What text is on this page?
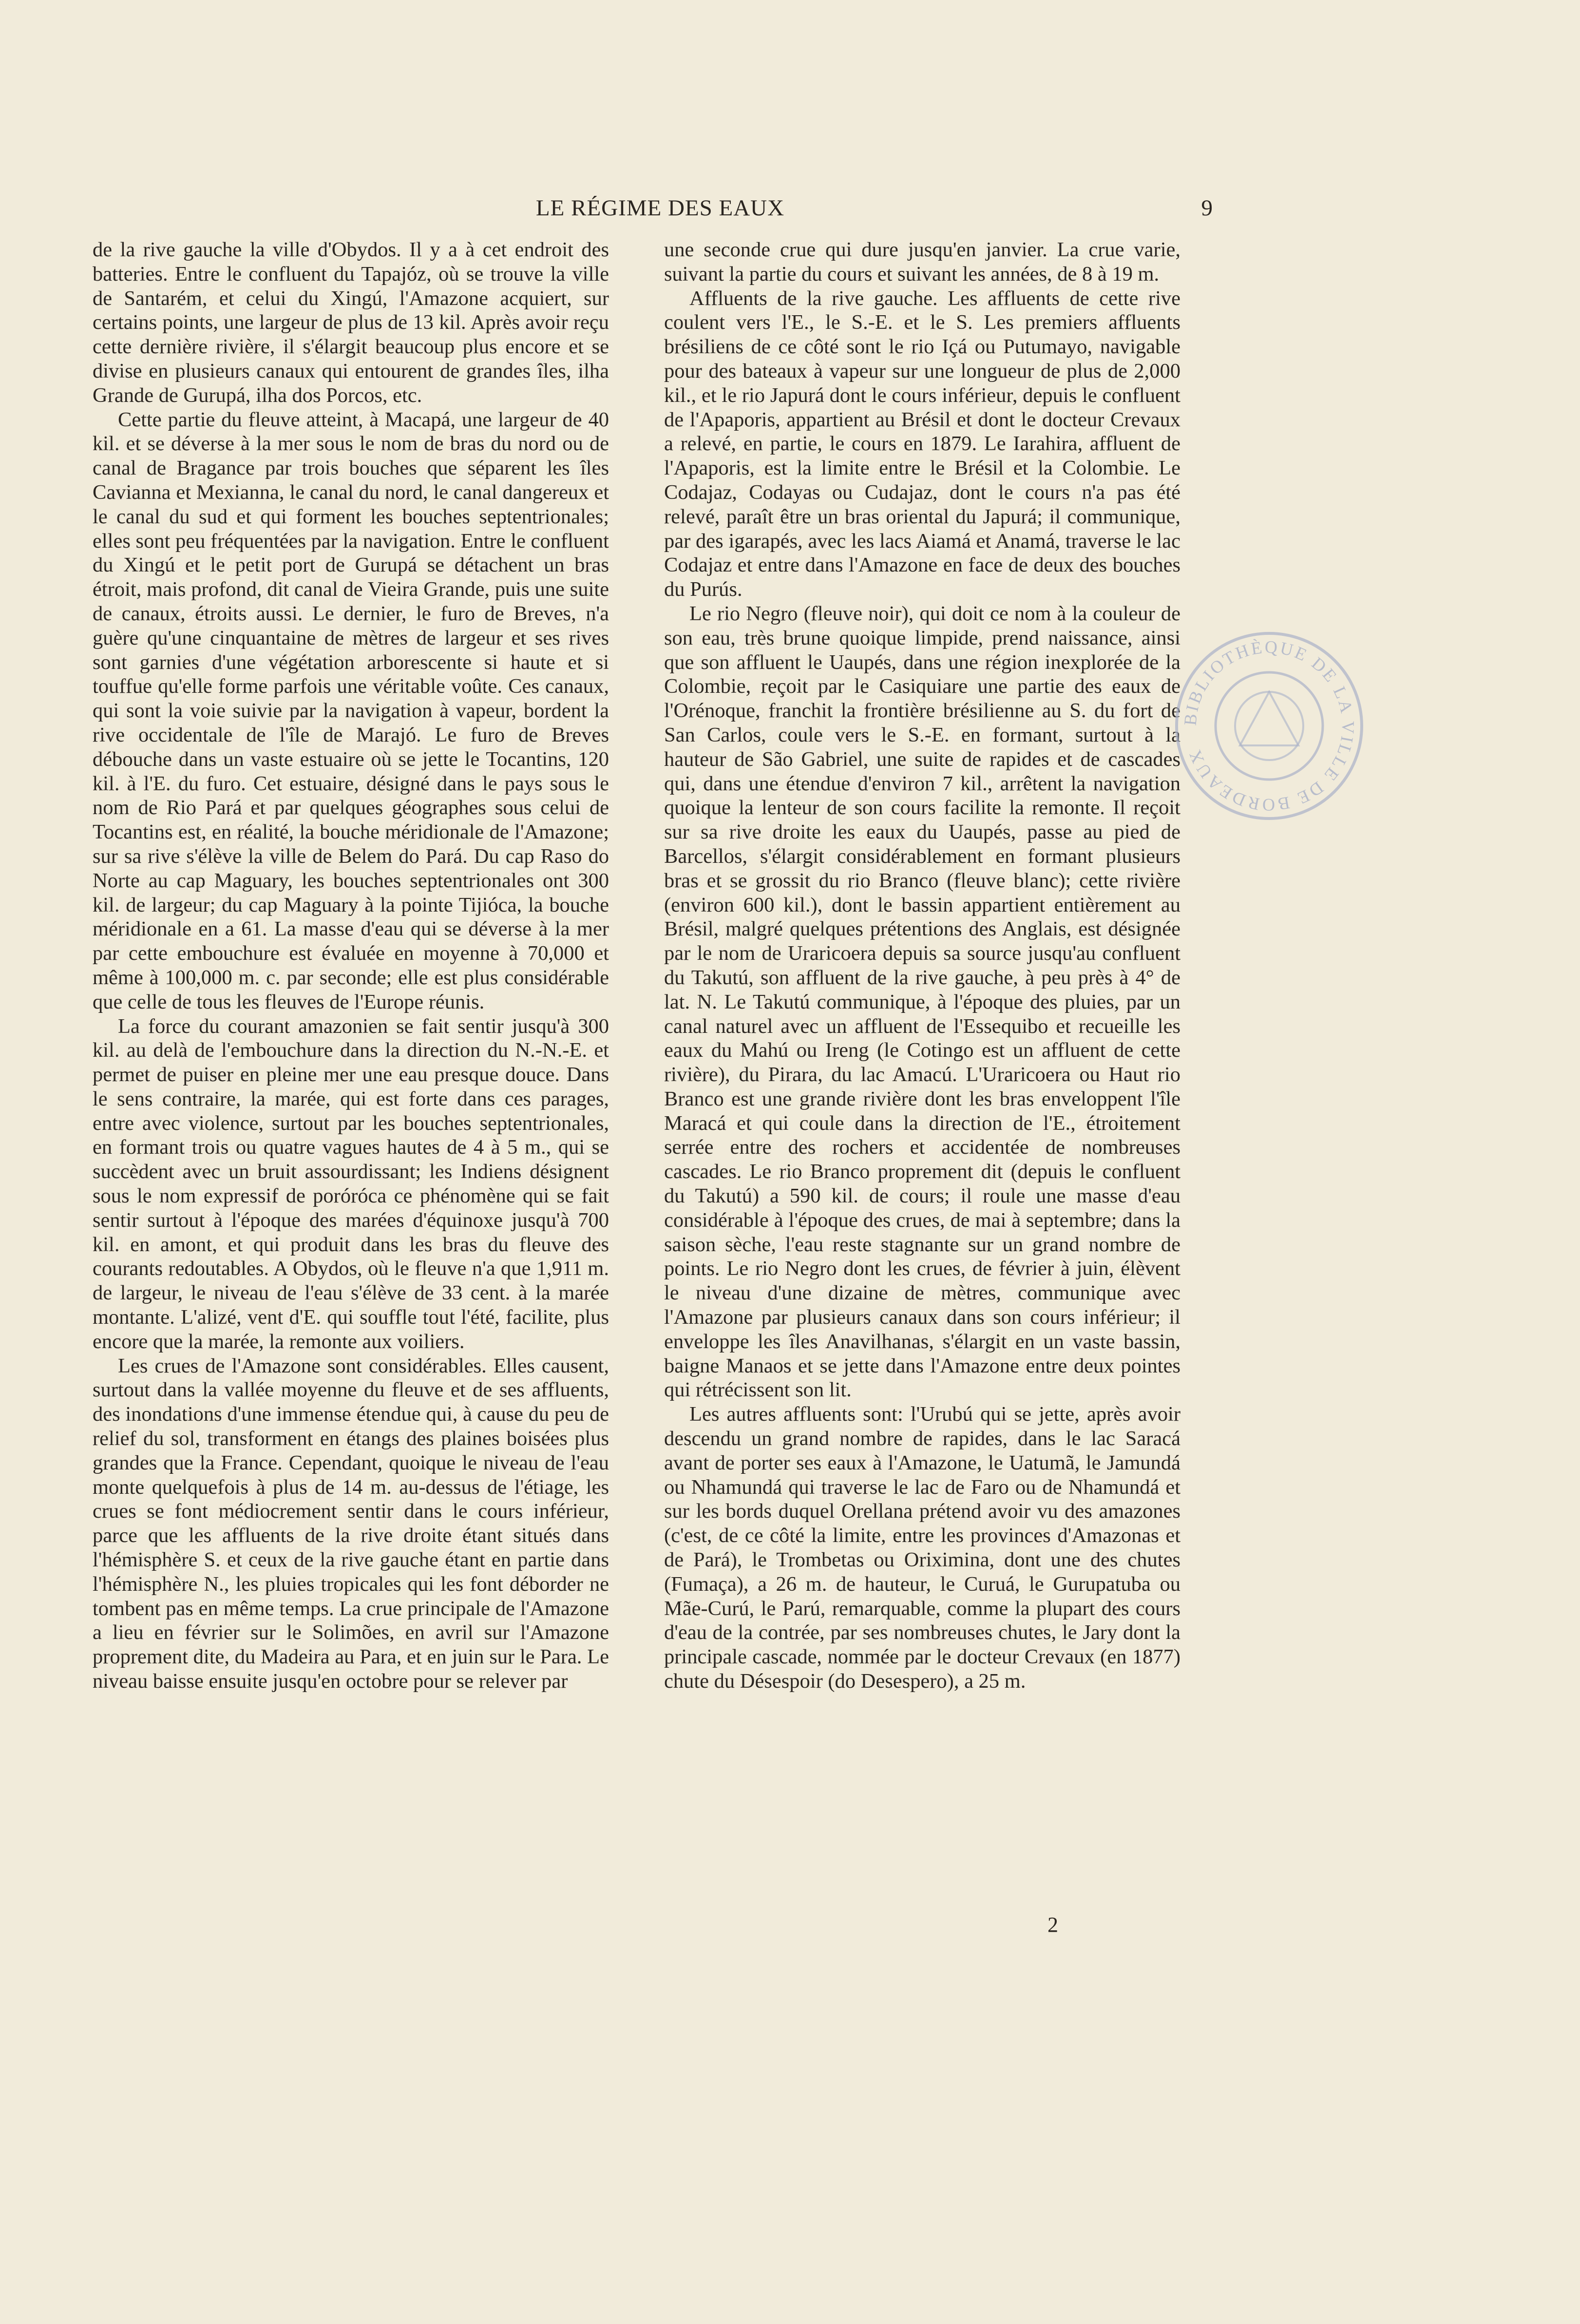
LE RÉGIME DES EAUX	9

de la rive gauche la ville d'Obydos. Il y a à cet endroit des batteries. Entre le confluent du Tapajóz, où se trouve la ville de Santarém, et celui du Xingú, l'Amazone acquiert, sur certains points, une largeur de plus de 13 kil. Après avoir reçu cette dernière rivière, il s'élargit beaucoup plus encore et se divise en plusieurs canaux qui entourent de grandes îles, ilha Grande de Gurupá, ilha dos Porcos, etc.

Cette partie du fleuve atteint, à Macapá, une largeur de 40 kil. et se déverse à la mer sous le nom de bras du nord ou de canal de Bragance par trois bouches que séparent les îles Cavianna et Mexianna, le canal du nord, le canal dangereux et le canal du sud et qui forment les bouches septentrionales; elles sont peu fréquentées par la navigation. Entre le confluent du Xingú et le petit port de Gurupá se détachent un bras étroit, mais profond, dit canal de Vieira Grande, puis une suite de canaux, étroits aussi. Le dernier, le furo de Breves, n'a guère qu'une cinquantaine de mètres de largeur et ses rives sont garnies d'une végétation arborescente si haute et si touffue qu'elle forme parfois une véritable voûte. Ces canaux, qui sont la voie suivie par la navigation à vapeur, bordent la rive occidentale de l'île de Marajó. Le furo de Breves débouche dans un vaste estuaire où se jette le Tocantins, 120 kil. à l'E. du furo. Cet estuaire, désigné dans le pays sous le nom de Rio Pará et par quelques géographes sous celui de Tocantins est, en réalité, la bouche méridionale de l'Amazone; sur sa rive s'élève la ville de Belem do Pará. Du cap Raso do Norte au cap Maguary, les bouches septentrionales ont 300 kil. de largeur; du cap Maguary à la pointe Tijióca, la bouche méridionale en a 61. La masse d'eau qui se déverse à la mer par cette embouchure est évaluée en moyenne à 70,000 et même à 100,000 m. c. par seconde; elle est plus considérable que celle de tous les fleuves de l'Europe réunis.

La force du courant amazonien se fait sentir jusqu'à 300 kil. au delà de l'embouchure dans la direction du N.-N.-E. et permet de puiser en pleine mer une eau presque douce. Dans le sens contraire, la marée, qui est forte dans ces parages, entre avec violence, surtout par les bouches septentrionales, en formant trois ou quatre vagues hautes de 4 à 5 m., qui se succèdent avec un bruit assourdissant; les Indiens désignent sous le nom expressif de poróróca ce phénomène qui se fait sentir surtout à l'époque des marées d'équinoxe jusqu'à 700 kil. en amont, et qui produit dans les bras du fleuve des courants redoutables. A Obydos, où le fleuve n'a que 1,911 m. de largeur, le niveau de l'eau s'élève de 33 cent. à la marée montante. L'alizé, vent d'E. qui souffle tout l'été, facilite, plus encore que la marée, la remonte aux voiliers.

Les crues de l'Amazone sont considérables. Elles causent, surtout dans la vallée moyenne du fleuve et de ses affluents, des inondations d'une immense étendue qui, à cause du peu de relief du sol, transforment en étangs des plaines boisées plus grandes que la France. Cependant, quoique le niveau de l'eau monte quelquefois à plus de 14 m. au-dessus de l'étiage, les crues se font médiocrement sentir dans le cours inférieur, parce que les affluents de la rive droite étant situés dans l'hémisphère S. et ceux de la rive gauche étant en partie dans l'hémisphère N., les pluies tropicales qui les font déborder ne tombent pas en même temps. La crue principale de l'Amazone a lieu en février sur le Solimões, en avril sur l'Amazone proprement dite, du Madeira au Para, et en juin sur le Para. Le niveau baisse ensuite jusqu'en octobre pour se relever par

une seconde crue qui dure jusqu'en janvier. La crue varie, suivant la partie du cours et suivant les années, de 8 à 19 m.

Affluents de la rive gauche. Les affluents de cette rive coulent vers l'E., le S.-E. et le S. Les premiers affluents brésiliens de ce côté sont le rio Içá ou Putumayo, navigable pour des bateaux à vapeur sur une longueur de plus de 2,000 kil., et le rio Japurá dont le cours inférieur, depuis le confluent de l'Apaporis, appartient au Brésil et dont le docteur Crevaux a relevé, en partie, le cours en 1879. Le Iarahira, affluent de l'Apaporis, est la limite entre le Brésil et la Colombie. Le Codajaz, Codayas ou Cudajaz, dont le cours n'a pas été relevé, paraît être un bras oriental du Japurá; il communique, par des igarapés, avec les lacs Aiamá et Anamá, traverse le lac Codajaz et entre dans l'Amazone en face de deux des bouches du Purús.

Le rio Negro (fleuve noir), qui doit ce nom à la couleur de son eau, très brune quoique limpide, prend naissance, ainsi que son affluent le Uaupés, dans une région inexplorée de la Colombie, reçoit par le Casiquiare une partie des eaux de l'Orénoque, franchit la frontière brésilienne au S. du fort de San Carlos, coule vers le S.-E. en formant, surtout à la hauteur de São Gabriel, une suite de rapides et de cascades qui, dans une étendue d'environ 7 kil., arrêtent la navigation quoique la lenteur de son cours facilite la remonte. Il reçoit sur sa rive droite les eaux du Uaupés, passe au pied de Barcellos, s'élargit considérablement en formant plusieurs bras et se grossit du rio Branco (fleuve blanc); cette rivière (environ 600 kil.), dont le bassin appartient entièrement au Brésil, malgré quelques prétentions des Anglais, est désignée par le nom de Uraricoera depuis sa source jusqu'au confluent du Takutú, son affluent de la rive gauche, à peu près à 4° de lat. N. Le Takutú communique, à l'époque des pluies, par un canal naturel avec un affluent de l'Essequibo et recueille les eaux du Mahú ou Ireng (le Cotingo est un affluent de cette rivière), du Pirara, du lac Amacú. L'Uraricoera ou Haut rio Branco est une grande rivière dont les bras enveloppent l'île Maracá et qui coule dans la direction de l'E., étroitement serrée entre des rochers et accidentée de nombreuses cascades. Le rio Branco proprement dit (depuis le confluent du Takutú) a 590 kil. de cours; il roule une masse d'eau considérable à l'époque des crues, de mai à septembre; dans la saison sèche, l'eau reste stagnante sur un grand nombre de points. Le rio Negro dont les crues, de février à juin, élèvent le niveau d'une dizaine de mètres, communique avec l'Amazone par plusieurs canaux dans son cours inférieur; il enveloppe les îles Anavilhanas, s'élargit en un vaste bassin, baigne Manaos et se jette dans l'Amazone entre deux pointes qui rétrécissent son lit.

Les autres affluents sont: l'Urubú qui se jette, après avoir descendu un grand nombre de rapides, dans le lac Saracá avant de porter ses eaux à l'Amazone, le Uatumã, le Jamundá ou Nhamundá qui traverse le lac de Faro ou de Nhamundá et sur les bords duquel Orellana prétend avoir vu des amazones (c'est, de ce côté la limite, entre les provinces d'Amazonas et de Pará), le Trombetas ou Oriximina, dont une des chutes (Fumaça), a 26 m. de hauteur, le Curuá, le Gurupatuba ou Mãe-Curú, le Parú, remarquable, comme la plupart des cours d'eau de la contrée, par ses nombreuses chutes, le Jary dont la principale cascade, nommée par le docteur Crevaux (en 1877) chute du Désespoir (do Desespero), a 25 m.

2
BIBLIOTHÈQUE DE LA VILLE DE BORDEAUX
